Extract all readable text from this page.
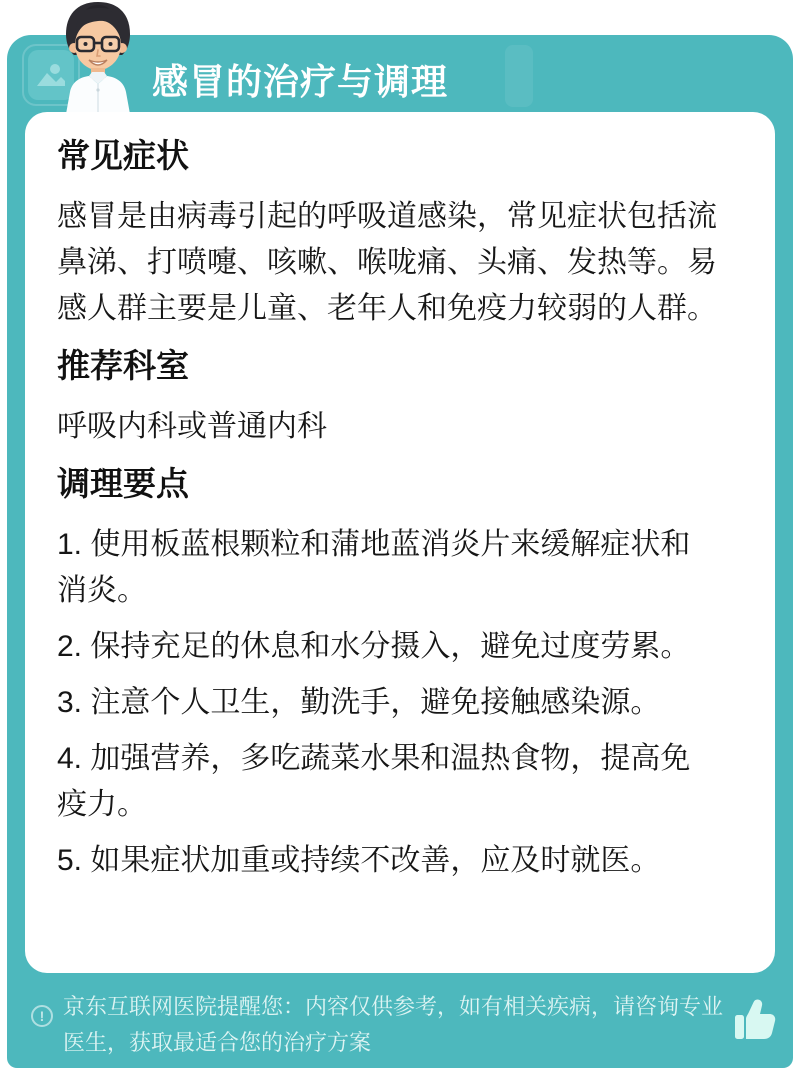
感冒的治疗与调理
常见症状

感冒是由病毒引起的呼吸道感染，常见症状包括流鼻涕、打喷嚏、咳嗽、喉咙痛、头痛、发热等。易感人群主要是儿童、老年人和免疫力较弱的人群。

推荐科室

呼吸内科或普通内科

调理要点

1. 使用板蓝根颗粒和蒲地蓝消炎片来缓解症状和消炎。

2. 保持充足的休息和水分摄入，避免过度劳累。

3. 注意个人卫生，勤洗手，避免接触感染源。

4. 加强营养，多吃蔬菜水果和温热食物，提高免疫力。

5. 如果症状加重或持续不改善，应及时就医。

! 京东互联网医院提醒您：内容仅供参考，如有相关疾病，请咨询专业医生，获取最适合您的治疗方案
